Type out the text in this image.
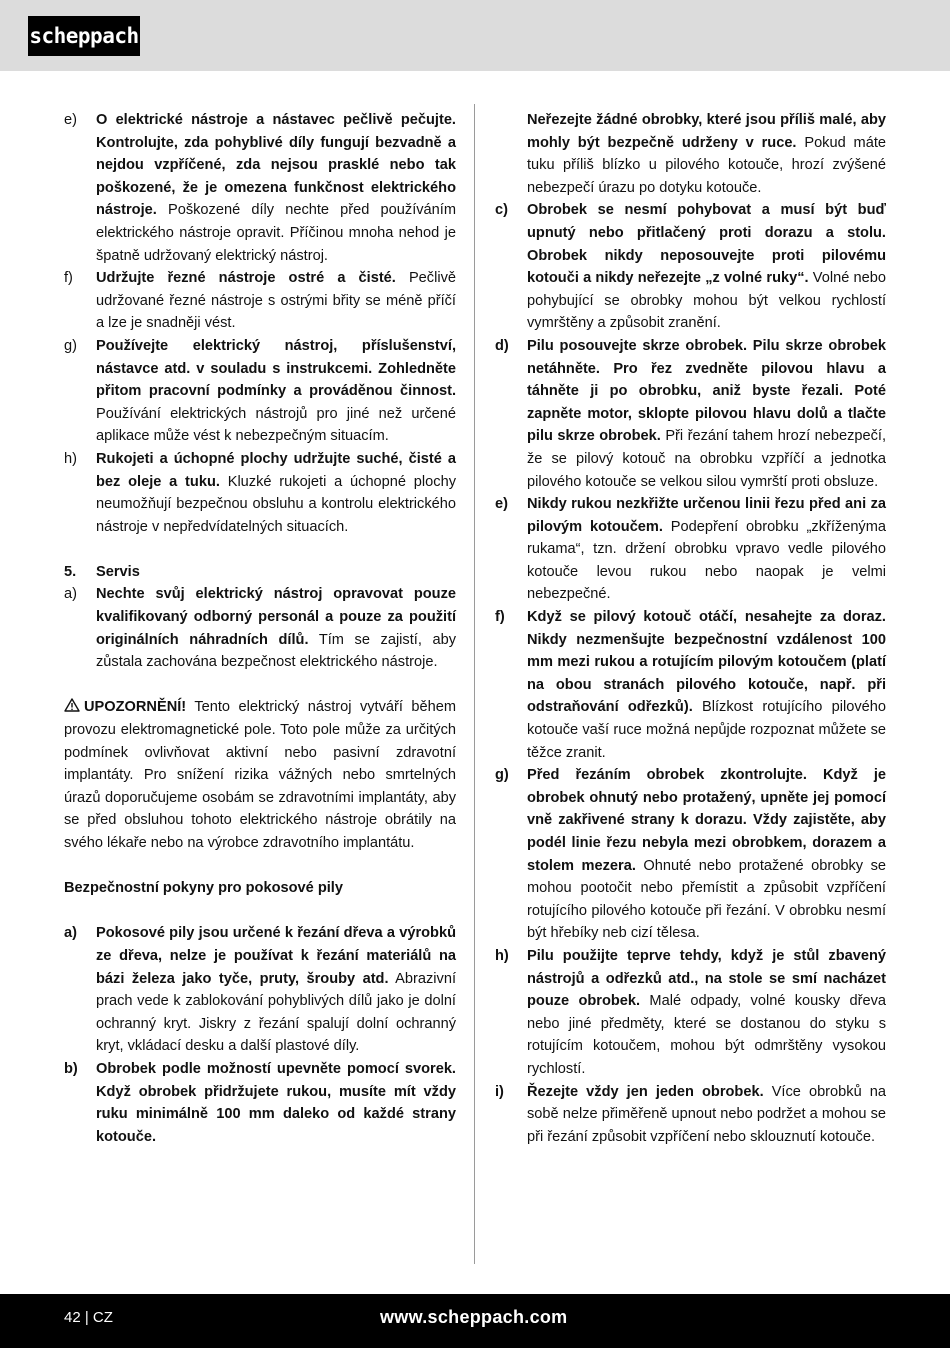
scheppach
e) O elektrické nástroje a nástavec pečlivě pečujte. Kontrolujte, zda pohyblivé díly fungují bezvadně a nejdou vzpříčené, zda nejsou prasklé nebo tak poškozené, že je omezena funkčnost elektrického nástroje. Poškozené díly nechte před používáním elektrického nástroje opravit. Příčinou mnoha nehod je špatně udržovaný elektrický nástroj.
f) Udržujte řezné nástroje ostré a čisté. Pečlivě udržované řezné nástroje s ostrými břity se méně příčí a lze je snadněji vést.
g) Používejte elektrický nástroj, příslušenství, nástavce atd. v souladu s instrukcemi. Zohledněte přitom pracovní podmínky a prováděnou činnost. Používání elektrických nástrojů pro jiné než určené aplikace může vést k nebezpečným situacím.
h) Rukojeti a úchopné plochy udržujte suché, čisté a bez oleje a tuku. Kluzké rukojeti a úchopné plochy neumožňují bezpečnou obsluhu a kontrolu elektrického nástroje v nepředvídatelných situacích.
5. Servis
a) Nechte svůj elektrický nástroj opravovat pouze kvalifikovaný odborný personál a pouze za použití originálních náhradních dílů. Tím se zajistí, aby zůstala zachována bezpečnost elektrického nástroje.
UPOZORNĚNÍ! Tento elektrický nástroj vytváří během provozu elektromagnetické pole. Toto pole může za určitých podmínek ovlivňovat aktivní nebo pasivní zdravotní implantáty. Pro snížení rizika vážných nebo smrtelných úrazů doporučujeme osobám se zdravotními implantáty, aby se před obsluhou tohoto elektrického nástroje obrátily na svého lékaře nebo na výrobce zdravotního implantátu.
Bezpečnostní pokyny pro pokosové pily
a) Pokosové pily jsou určené k řezání dřeva a výrobků ze dřeva, nelze je používat k řezání materiálů na bázi železa jako tyče, pruty, šrouby atd. Abrazivní prach vede k zablokování pohyblivých dílů jako je dolní ochranný kryt. Jiskry z řezání spalují dolní ochranný kryt, vkládací desku a další plastové díly.
b) Obrobek podle možností upevněte pomocí svorek. Když obrobek přidržujete rukou, musíte mít vždy ruku minimálně 100 mm daleko od každé strany kotouče.
Neřezejte žádné obrobky, které jsou příliš malé, aby mohly být bezpečně udrženy v ruce. Pokud máte tuku příliš blízko u pilového kotouče, hrozí zvýšené nebezpečí úrazu po dotyku kotouče.
c) Obrobek se nesmí pohybovat a musí být buď upnutý nebo přitlačený proti dorazu a stolu. Obrobek nikdy neposouvejte proti pilovému kotouči a nikdy neřezejte „z volné ruky“. Volné nebo pohybující se obrobky mohou být velkou rychlostí vymrštěny a způsobit zranění.
d) Pilu posouvejte skrze obrobek. Pilu skrze obrobek netáhněte. Pro řez zvedněte pilovou hlavu a táhněte ji po obrobku, aniž byste řezali. Poté zapněte motor, sklopte pilovou hlavu dolů a tlačte pilu skrze obrobek. Při řezání tahem hrozí nebezpečí, že se pilový kotouč na obrobku vzpříčí a jednotka pilového kotouče se velkou silou vymrští proti obsluze.
e) Nikdy rukou nezkřižte určenou linii řezu před ani za pilovým kotoučem. Podepření obrobku „zkříženýma rukama“, tzn. držení obrobku vpravo vedle pilového kotouče levou rukou nebo naopak je velmi nebezpečné.
f) Když se pilový kotouč otáčí, nesahejte za doraz. Nikdy nezmenšujte bezpečnostní vzdálenost 100 mm mezi rukou a rotujícím pilovým kotoučem (platí na obou stranách pilového kotouče, např. při odstraňování odřezků). Blízkost rotujícího pilového kotouče vaší ruce možná nepůjde rozpoznat můžete se těžce zranit.
g) Před řezáním obrobek zkontrolujte. Když je obrobek ohnutý nebo protažený, upněte jej pomocí vně zakřivené strany k dorazu. Vždy zajistěte, aby podél linie řezu nebyla mezi obrobkem, dorazem a stolem mezera. Ohnuté nebo protažené obrobky se mohou pootočit nebo přemístit a způsobit vzpříčení rotujícího pilového kotouče při řezání. V obrobku nesmí být hřebíky neb cizí tělesa.
h) Pilu použijte teprve tehdy, když je stůl zbavený nástrojů a odřezků atd., na stole se smí nacházet pouze obrobek. Malé odpady, volné kousky dřeva nebo jiné předměty, které se dostanou do styku s rotujícím kotoučem, mohou být odmrštěny vysokou rychlostí.
i) Řezejte vždy jen jeden obrobek. Více obrobků na sobě nelze přiměřeně upnout nebo podržet a mohou se při řezání způsobit vzpříčení nebo sklouznutí kotouče.
42 | CZ	www.scheppach.com
